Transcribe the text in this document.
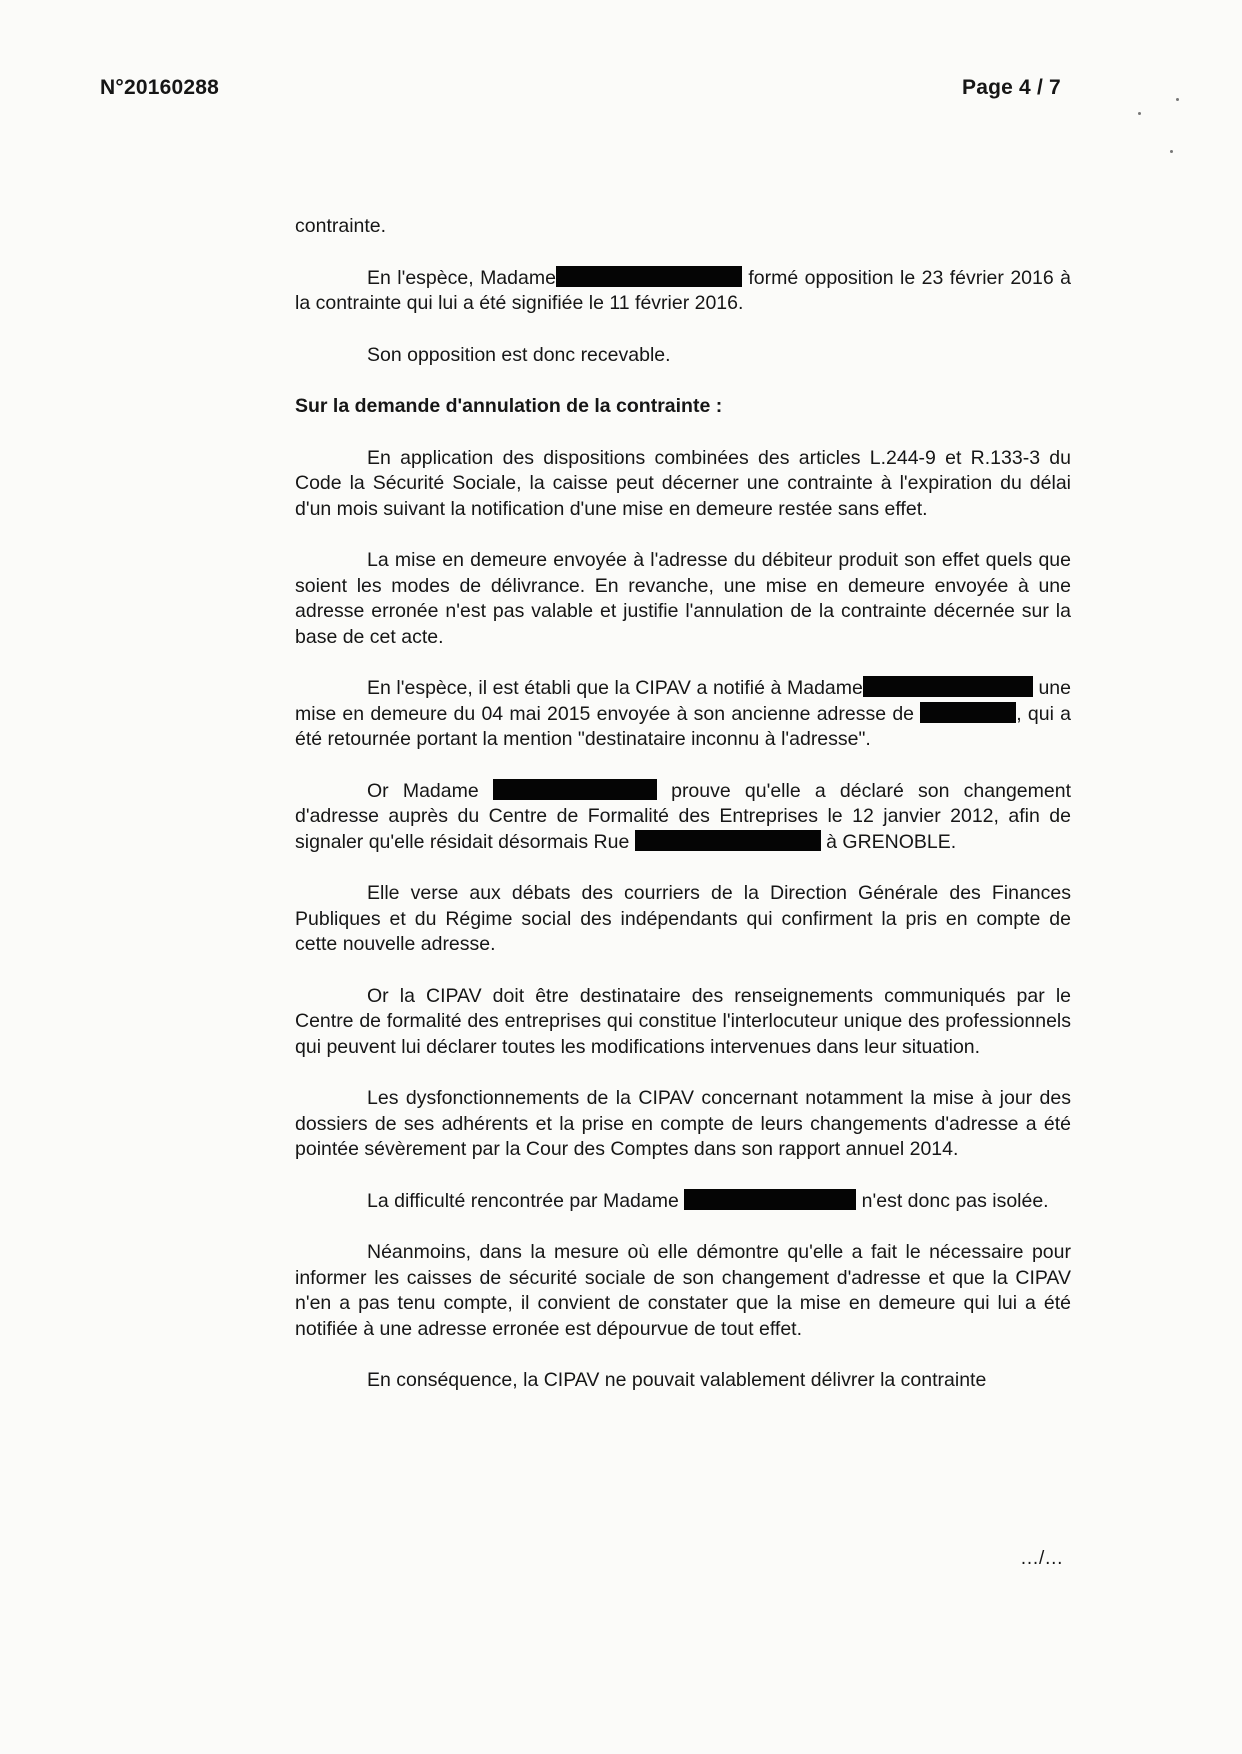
N°20160288	Page 4 / 7

contrainte.

En l'espèce, Madame	formé opposition le 23 février 2016 à la contrainte qui lui a été signifiée le 11 février 2016.

Son opposition est donc recevable.

Sur la demande d'annulation de la contrainte :

En application des dispositions combinées des articles L.244-9 et R.133-3 du Code la Sécurité Sociale, la caisse peut décerner une contrainte à l'expiration du délai d'un mois suivant la notification d'une mise en demeure restée sans effet.

La mise en demeure envoyée à l'adresse du débiteur produit son effet quels que soient les modes de délivrance. En revanche, une mise en demeure envoyée à une adresse erronée n'est pas valable et justifie l'annulation de la contrainte décernée sur la base de cet acte.

En l'espèce, il est établi que la CIPAV a notifié à Madame	une mise en demeure du 04 mai 2015 envoyée à son ancienne adresse de	, qui a été retournée portant la mention "destinataire inconnu à l'adresse".

Or Madame	prouve qu'elle a déclaré son changement d'adresse auprès du Centre de Formalité des Entreprises le 12 janvier 2012, afin de signaler qu'elle résidait désormais Rue	à GRENOBLE.

Elle verse aux débats des courriers de la Direction Générale des Finances Publiques et du Régime social des indépendants qui confirment la pris en compte de cette nouvelle adresse.

Or la CIPAV doit être destinataire des renseignements communiqués par le Centre de formalité des entreprises qui constitue l'interlocuteur unique des professionnels qui peuvent lui déclarer toutes les modifications intervenues dans leur situation.

Les dysfonctionnements de la CIPAV concernant notamment la mise à jour des dossiers de ses adhérents et la prise en compte de leurs changements d'adresse a été pointée sévèrement par la Cour des Comptes dans son rapport annuel 2014.

La difficulté rencontrée par Madame	n'est donc pas isolée.

Néanmoins, dans la mesure où elle démontre qu'elle a fait le nécessaire pour informer les caisses de sécurité sociale de son changement d'adresse et que la CIPAV n'en a pas tenu compte, il convient de constater que la mise en demeure qui lui a été notifiée à une adresse erronée est dépourvue de tout effet.

En conséquence, la CIPAV ne pouvait valablement délivrer la contrainte

…/…
